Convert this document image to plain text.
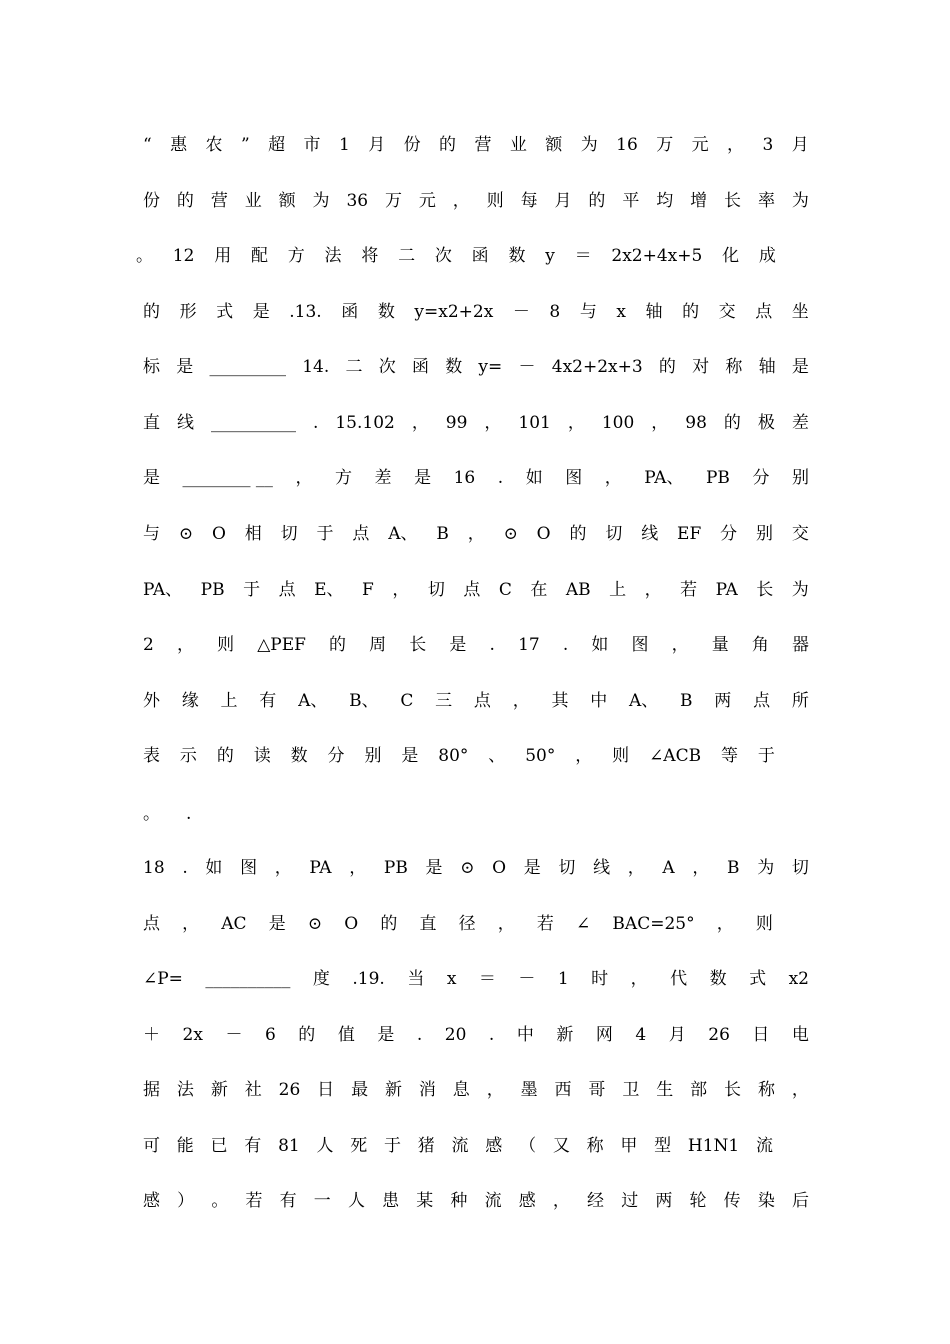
“ 惠 农 ” 超 市 1 月 份 的 营 业 额 为 16 万 元 ， 3 月
份 的 营 业 额 为 36 万 元 ， 则 每 月 的 平 均 增 长 率 为
。 12 用 配 方 法 将 二 次 函 数 y ＝ 2x2+4x+5 化 成
的 形 式 是 .13. 函 数 y=x2+2x － 8 与 x 轴 的 交 点 坐
标 是 _________ 14. 二 次 函 数 y= － 4x2+2x+3 的 对 称 轴 是
直 线 __________ . 15.102 ， 99 ， 101 ， 100 ， 98 的 极 差
是 ________ __ ， 方 差 是 16 . 如 图 ， PA、 PB 分 别
与 ⊙ O 相 切 于 点 A、 B ， ⊙ O 的 切 线 EF 分 别 交
PA、 PB 于 点 E、 F ， 切 点 C 在 AB 上 ， 若 PA 长 为
2 ， 则 △PEF 的 周 长 是 . 17 . 如 图 ， 量 角 器
外 缘 上 有 A、 B、 C 三 点 ， 其 中 A、 B 两 点 所
表 示 的 读 数 分 别 是 80° 、 50° ， 则 ∠ACB 等 于
。 .
18 . 如 图 ， PA ， PB 是 ⊙ O 是 切 线 ， A ， B 为 切
点 ， AC 是 ⊙ O 的 直 径 ， 若 ∠ BAC=25° ， 则
∠P= __________ 度 .19. 当 x ＝ － 1 时 ， 代 数 式 x2
＋ 2x － 6 的 值 是 . 20 . 中 新 网 4 月 26 日 电
据 法 新 社 26 日 最 新 消 息 ， 墨 西 哥 卫 生 部 长 称 ，
可 能 已 有 81 人 死 于 猪 流 感 （ 又 称 甲 型 H1N1 流
感 ） 。 若 有 一 人 患 某 种 流 感 ， 经 过 两 轮 传 染 后
